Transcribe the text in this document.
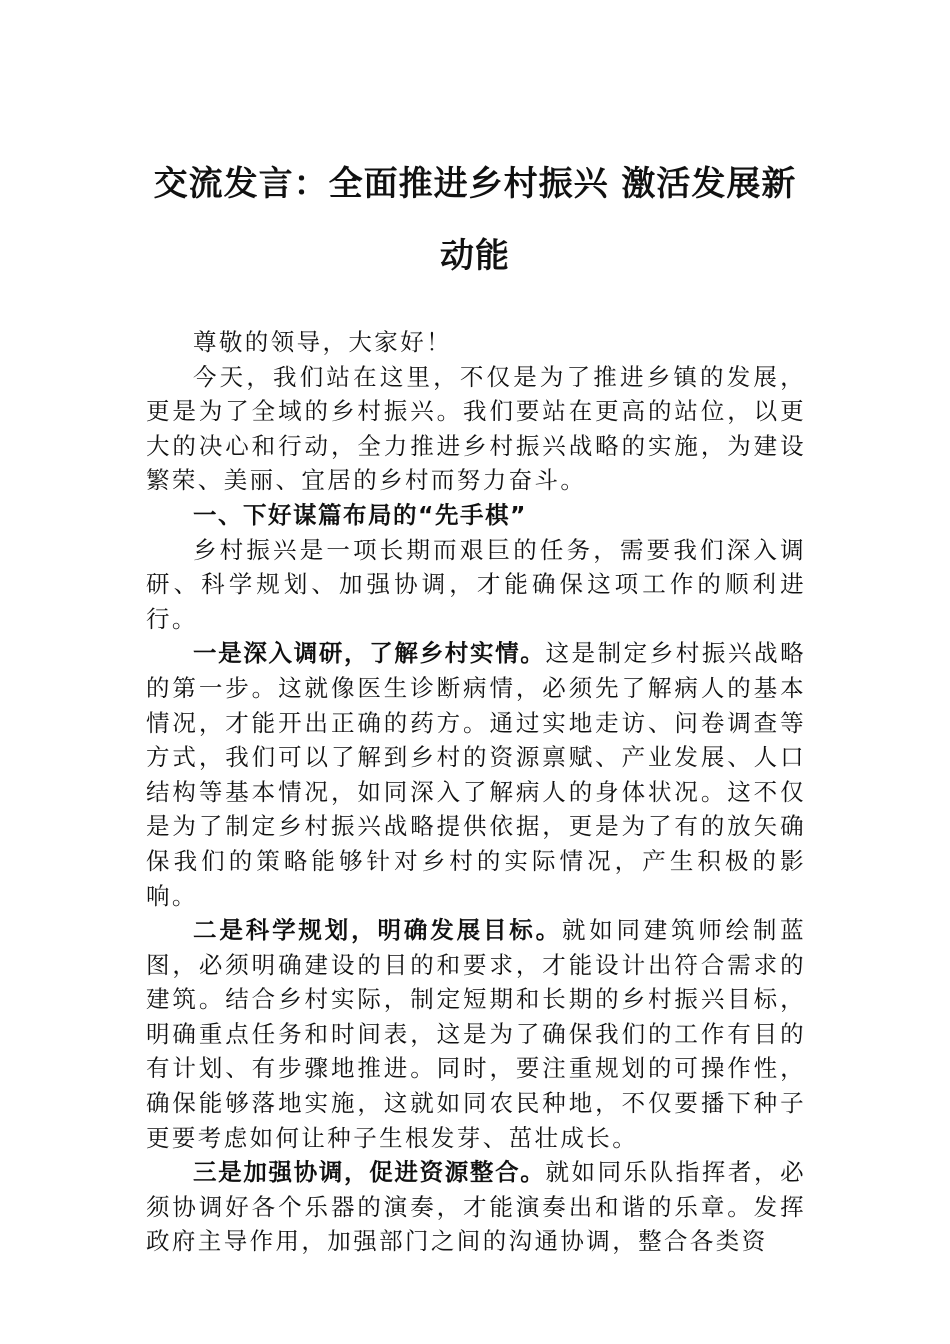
交流发言：全面推进乡村振兴 激活发展新动能

尊敬的领导，大家好！

今天，我们站在这里，不仅是为了推进乡镇的发展，更是为了全域的乡村振兴。我们要站在更高的站位，以更大的决心和行动，全力推进乡村振兴战略的实施，为建设繁荣、美丽、宜居的乡村而努力奋斗。

一、下好谋篇布局的“先手棋”

乡村振兴是一项长期而艰巨的任务，需要我们深入调研、科学规划、加强协调，才能确保这项工作的顺利进行。

一是深入调研，了解乡村实情。这是制定乡村振兴战略的第一步。这就像医生诊断病情，必须先了解病人的基本情况，才能开出正确的药方。通过实地走访、问卷调查等方式，我们可以了解到乡村的资源禀赋、产业发展、人口结构等基本情况，如同深入了解病人的身体状况。这不仅是为了制定乡村振兴战略提供依据，更是为了有的放矢确保我们的策略能够针对乡村的实际情况，产生积极的影响。

二是科学规划，明确发展目标。就如同建筑师绘制蓝图，必须明确建设的目的和要求，才能设计出符合需求的建筑。结合乡村实际，制定短期和长期的乡村振兴目标，明确重点任务和时间表，这是为了确保我们的工作有目的有计划、有步骤地推进。同时，要注重规划的可操作性，确保能够落地实施，这就如同农民种地，不仅要播下种子更要考虑如何让种子生根发芽、茁壮成长。

三是加强协调，促进资源整合。就如同乐队指挥者，必须协调好各个乐器的演奏，才能演奏出和谐的乐章。发挥政府主导作用，加强部门之间的沟通协调，整合各类资
